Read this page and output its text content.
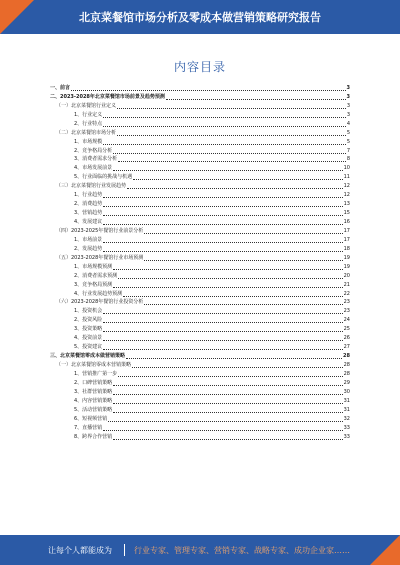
北京菜餐馆市场分析及零成本做营销策略研究报告
内容目录
一、前言	3
二、2023-2028年北京菜餐馆市场前景及趋势预测	3
（一）北京菜餐馆行业定义	3
1、行业定义	3
2、行业特点	4
（二）北京菜餐馆市场分析	5
1、市场规模	5
2、竞争格局分析	7
3、消费者需求分析	8
4、市场发展前景	10
5、行业面临的挑战与机遇	11
（三）北京菜餐馆行业发展趋势	12
1、行业趋势	12
2、消费趋势	13
3、营销趋势	15
4、发展建议	16
（四）2023-2025年餐馆行业前景分析	17
1、市场前景	17
2、发展趋势	18
（五）2023-2028年餐馆行业市场预测	19
1、市场规模预测	19
2、消费者需求预测	20
3、竞争格局预测	21
4、行业发展趋势预测	22
（六）2023-2028年餐馆行业投资分析	23
1、投资机会	23
2、投资风险	24
3、投资策略	25
4、投资前景	26
5、投资建议	27
三、北京菜餐馆零成本做营销策略	28
（一）北京菜餐馆零成本营销策略	28
1、营销推广第一步	28
2、口碑营销策略	29
3、社群营销策略	30
4、内容营销策略	31
5、活动营销策略	31
6、短视频营销	32
7、直播营销	33
8、跨界合作营销	33
让每个人都能成为	行业专家、管理专家、营销专家、战略专家、成功企业家……
